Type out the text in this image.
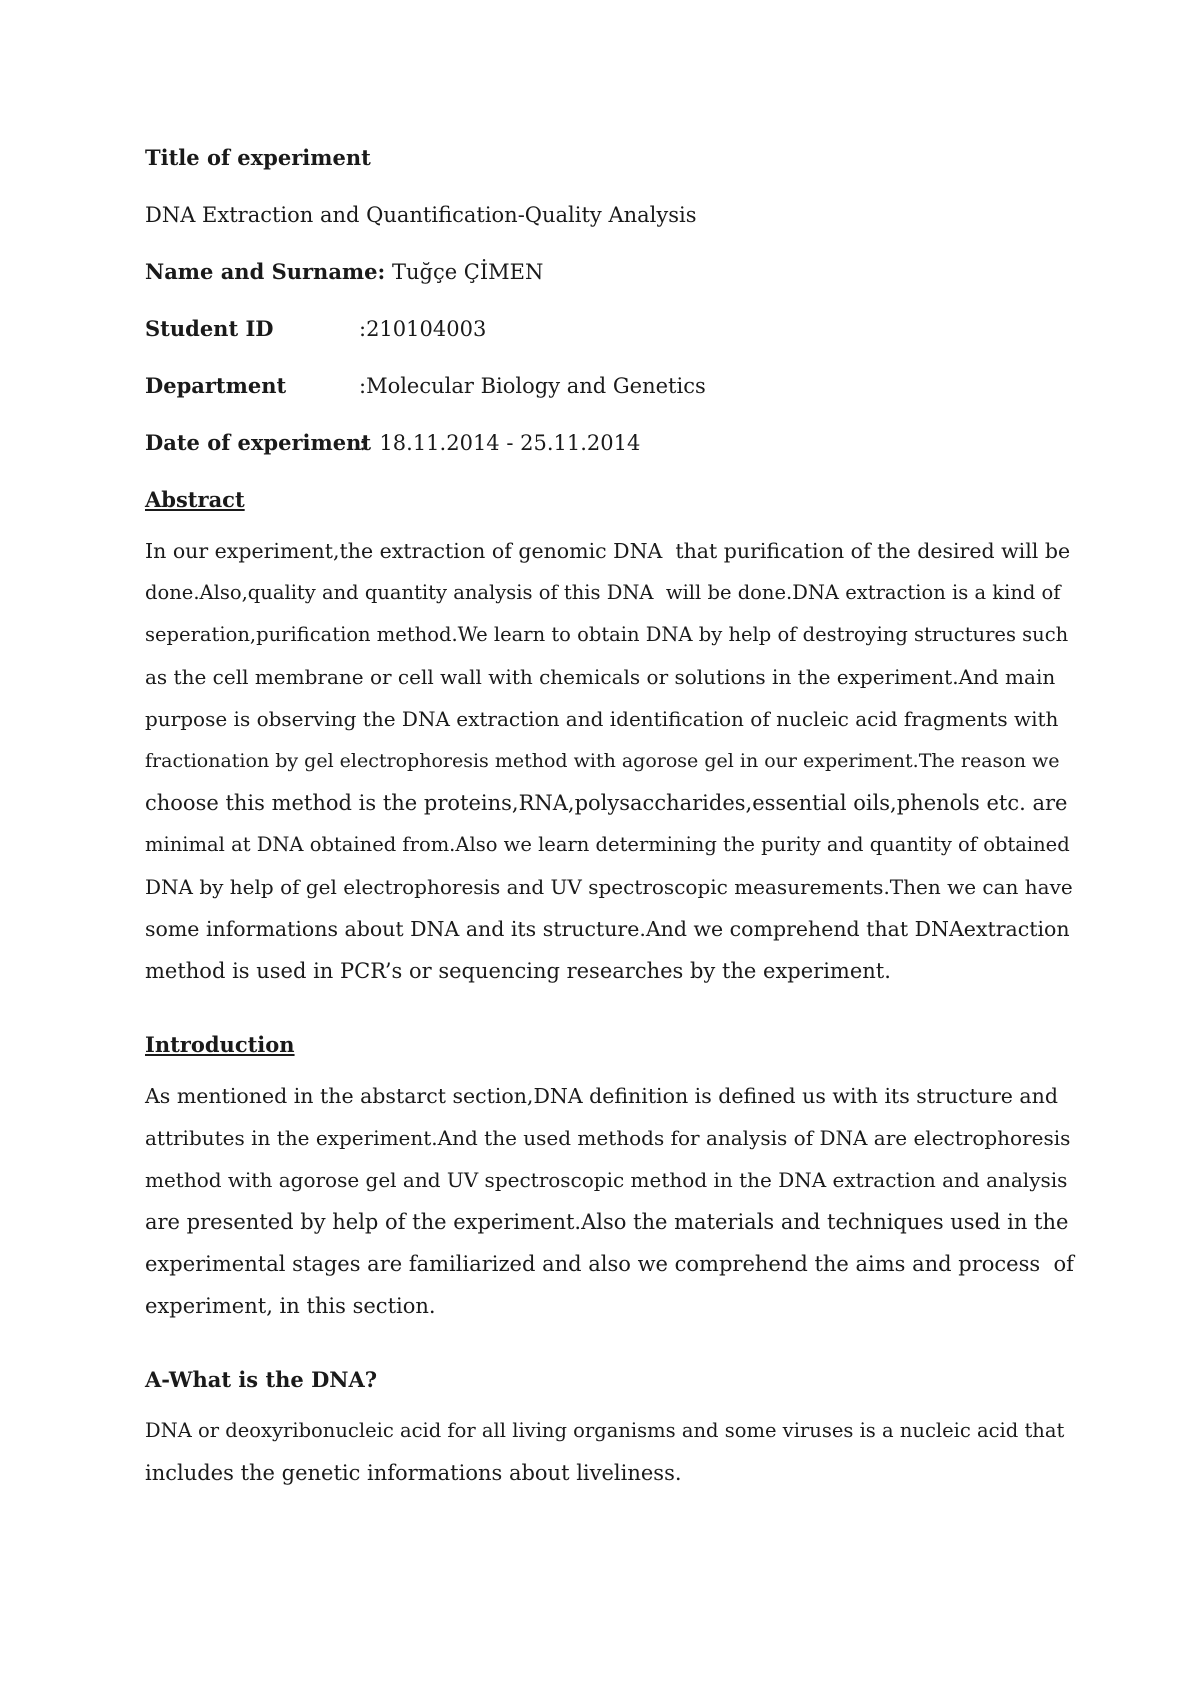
Title of experiment
DNA Extraction and Quantification-Quality Analysis
Name and Surname: Tuğçe ÇİMEN
Student ID	:210104003
Department	:Molecular Biology and Genetics
Date of experiment:  18.11.2014 - 25.11.2014
Abstract
In our experiment,the extraction of genomic DNA  that purification of the desired will be
done.Also,quality and quantity analysis of this DNA  will be done.DNA extraction is a kind of
seperation,purification method.We learn to obtain DNA by help of destroying structures such
as the cell membrane or cell wall with chemicals or solutions in the experiment.And main
purpose is observing the DNA extraction and identification of nucleic acid fragments with
fractionation by gel electrophoresis method with agorose gel in our experiment.The reason we
choose this method is the proteins,RNA,polysaccharides,essential oils,phenols etc. are
minimal at DNA obtained from.Also we learn determining the purity and quantity of obtained
DNA by help of gel electrophoresis and UV spectroscopic measurements.Then we can have
some informations about DNA and its structure.And we comprehend that DNAextraction
method is used in PCR’s or sequencing researches by the experiment.
Introduction
As mentioned in the abstarct section,DNA definition is defined us with its structure and
attributes in the experiment.And the used methods for analysis of DNA are electrophoresis
method with agorose gel and UV spectroscopic method in the DNA extraction and analysis
are presented by help of the experiment.Also the materials and techniques used in the
experimental stages are familiarized and also we comprehend the aims and process  of
experiment, in this section.
A-What is the DNA?
DNA or deoxyribonucleic acid for all living organisms and some viruses is a nucleic acid that
includes the genetic informations about liveliness.
